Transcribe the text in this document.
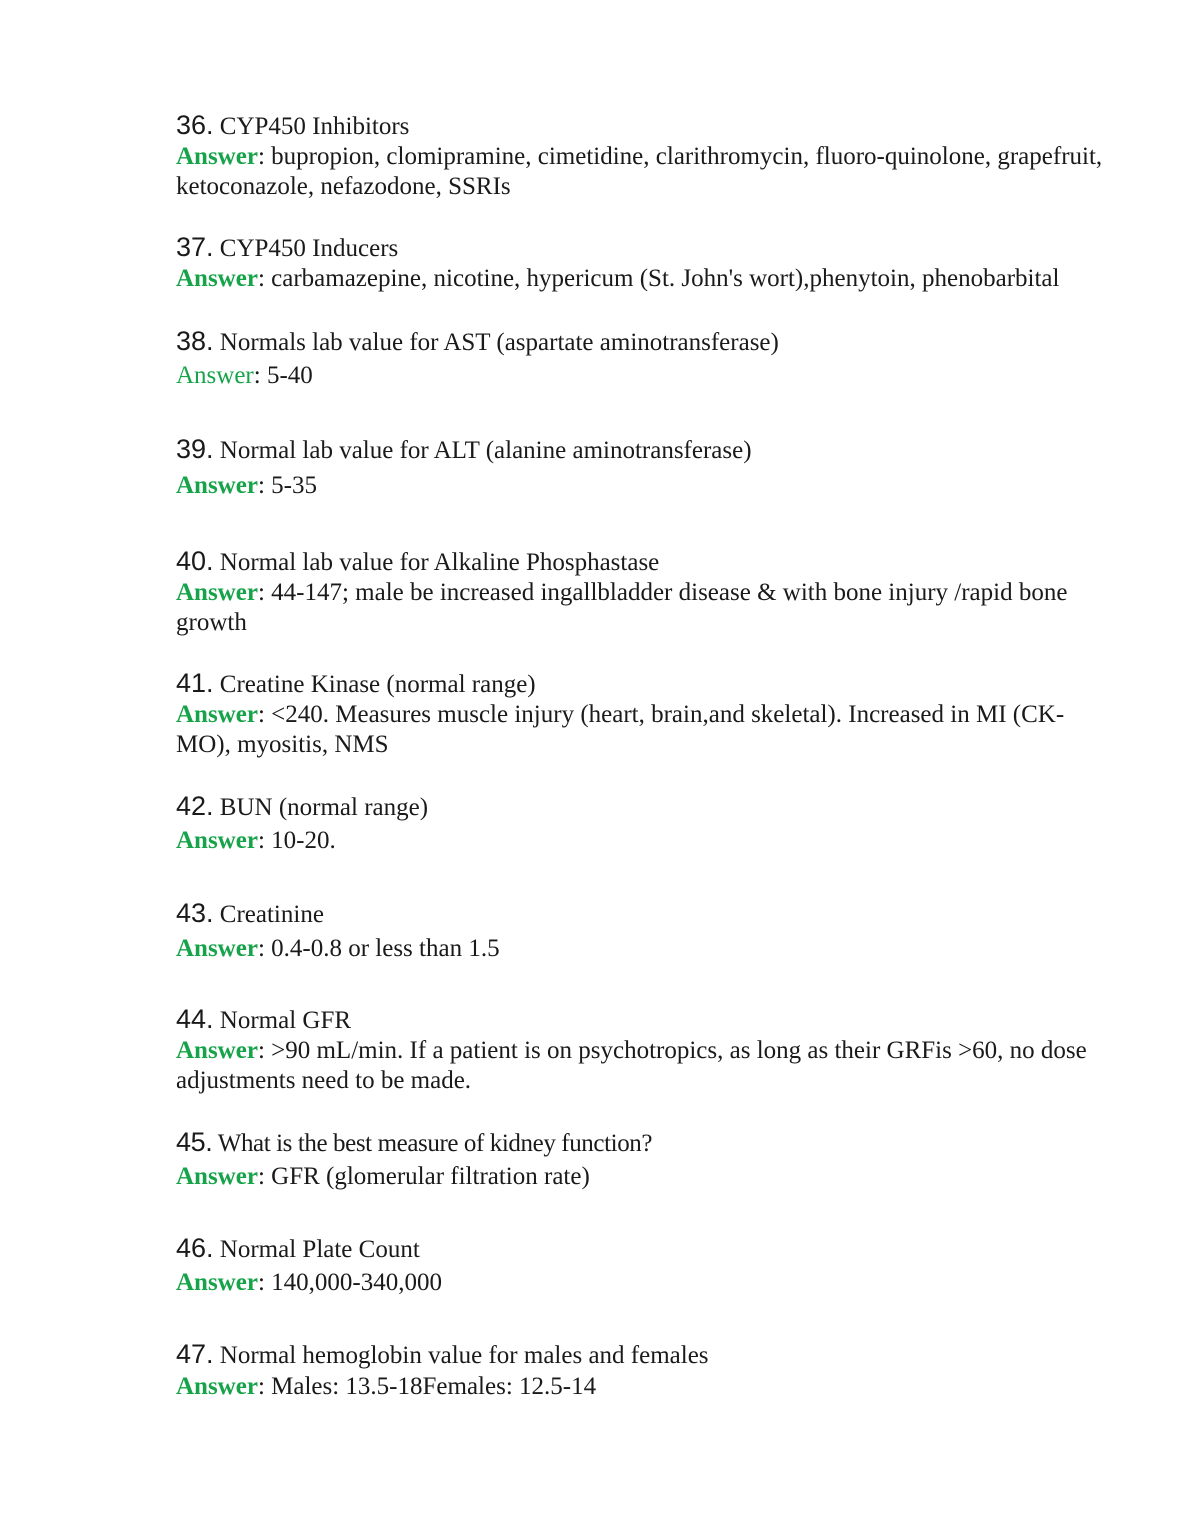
36. CYP450 Inhibitors

Answer: bupropion, clomipramine, cimetidine, clarithromycin, fluoro-quinolone, grapefruit, ketoconazole, nefazodone, SSRIs

37. CYP450 Inducers

Answer: carbamazepine, nicotine, hypericum (St. John's wort),phenytoin, phenobarbital

38. Normals lab value for AST (aspartate aminotransferase)

Answer: 5-40

39. Normal lab value for ALT (alanine aminotransferase)

Answer: 5-35

40. Normal lab value for Alkaline Phosphastase

Answer: 44-147; male be increased ingallbladder disease & with bone injury /rapid bone growth

41. Creatine Kinase (normal range)

Answer: <240. Measures muscle injury (heart, brain,and skeletal). Increased in MI (CK-MO), myositis, NMS

42. BUN (normal range)

Answer: 10-20.

43. Creatinine

Answer: 0.4-0.8 or less than 1.5

44. Normal GFR

Answer: >90 mL/min. If a patient is on psychotropics, as long as their GRFis >60, no dose adjustments need to be made.

45. What is the best measure of kidney function?

Answer: GFR (glomerular filtration rate)

46. Normal Plate Count

Answer: 140,000-340,000

47. Normal hemoglobin value for males and females

Answer: Males: 13.5-18Females: 12.5-14
